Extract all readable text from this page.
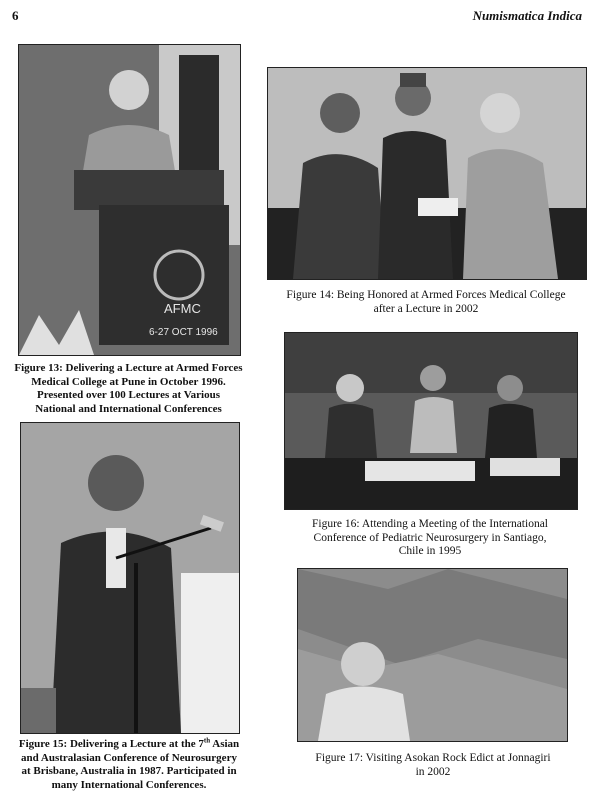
6	Numismatica Indica
AFMC
6-27 OCT 1996
Figure 13: Delivering a Lecture at Armed Forces
Medical College at Pune in October 1996.
Presented over 100 Lectures at Various
National and International Conferences
Figure 14: Being Honored at Armed Forces Medical College
after a Lecture in 2002
Figure 15: Delivering a Lecture at the 7th Asian
and Australasian Conference of Neurosurgery
at Brisbane, Australia in 1987. Participated in
many International Conferences.
Figure 16: Attending a Meeting of the International
Conference of Pediatric Neurosurgery in Santiago,
Chile in 1995
Figure 17: Visiting Asokan Rock Edict at Jonnagiri
in 2002
